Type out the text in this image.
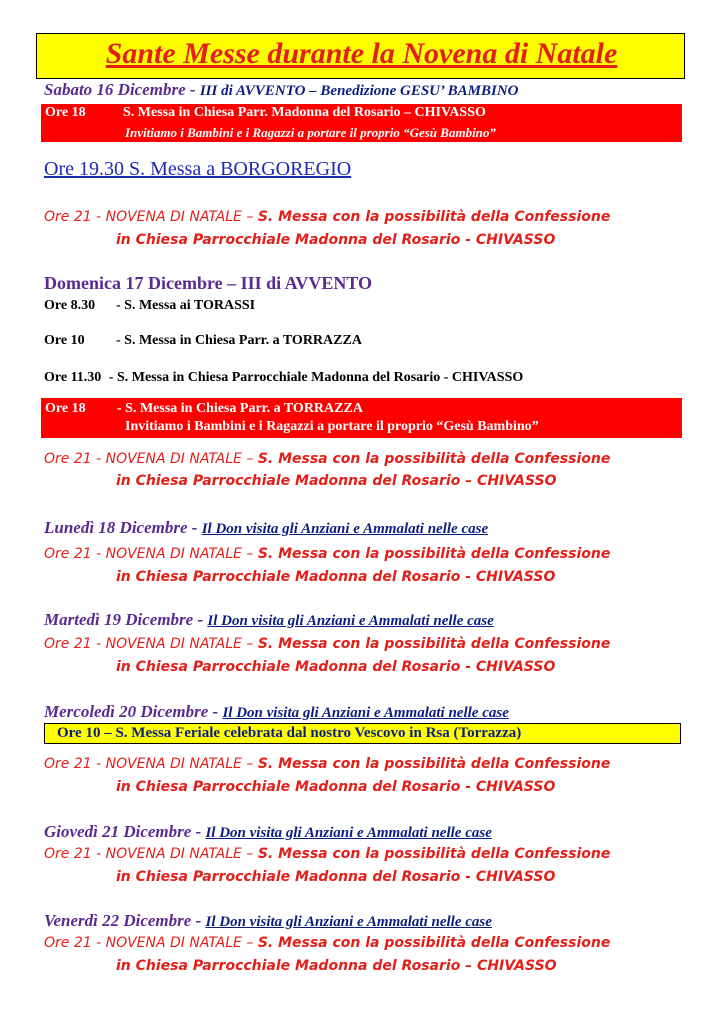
Sante Messe durante la Novena di Natale
Sabato 16 Dicembre - III di AVVENTO – Benedizione GESU’ BAMBINO
Ore 18	S. Messa in Chiesa Parr. Madonna del Rosario – CHIVASSO
Invitiamo i Bambini e i Ragazzi a portare il proprio “Gesù Bambino”
Ore 19.30 S. Messa a BORGOREGIO
Ore 21 - NOVENA DI NATALE – S. Messa con la possibilità della Confessione
in Chiesa Parrocchiale Madonna del Rosario - CHIVASSO
Domenica 17 Dicembre – III di AVVENTO
Ore 8.30 - S. Messa ai TORASSI
Ore 10 - S. Messa in Chiesa Parr. a TORRAZZA
Ore 11.30 - S. Messa in Chiesa Parrocchiale Madonna del Rosario - CHIVASSO
Ore 18 - S. Messa in Chiesa Parr. a TORRAZZA
Invitiamo i Bambini e i Ragazzi a portare il proprio “Gesù Bambino”
Ore 21 - NOVENA DI NATALE – S. Messa con la possibilità della Confessione
in Chiesa Parrocchiale Madonna del Rosario – CHIVASSO
Lunedì 18 Dicembre - Il Don visita gli Anziani e Ammalati nelle case
Ore 21 - NOVENA DI NATALE – S. Messa con la possibilità della Confessione
in Chiesa Parrocchiale Madonna del Rosario - CHIVASSO
Martedì 19 Dicembre - Il Don visita gli Anziani e Ammalati nelle case
Ore 21 - NOVENA DI NATALE – S. Messa con la possibilità della Confessione
in Chiesa Parrocchiale Madonna del Rosario - CHIVASSO
Mercoledì 20 Dicembre - Il Don visita gli Anziani e Ammalati nelle case
Ore 10 – S. Messa Feriale celebrata dal nostro Vescovo in Rsa (Torrazza)
Ore 21 - NOVENA DI NATALE – S. Messa con la possibilità della Confessione
in Chiesa Parrocchiale Madonna del Rosario - CHIVASSO
Giovedì 21 Dicembre - Il Don visita gli Anziani e Ammalati nelle case
Ore 21 - NOVENA DI NATALE – S. Messa con la possibilità della Confessione
in Chiesa Parrocchiale Madonna del Rosario - CHIVASSO
Venerdì 22 Dicembre - Il Don visita gli Anziani e Ammalati nelle case
Ore 21 - NOVENA DI NATALE – S. Messa con la possibilità della Confessione
in Chiesa Parrocchiale Madonna del Rosario – CHIVASSO
